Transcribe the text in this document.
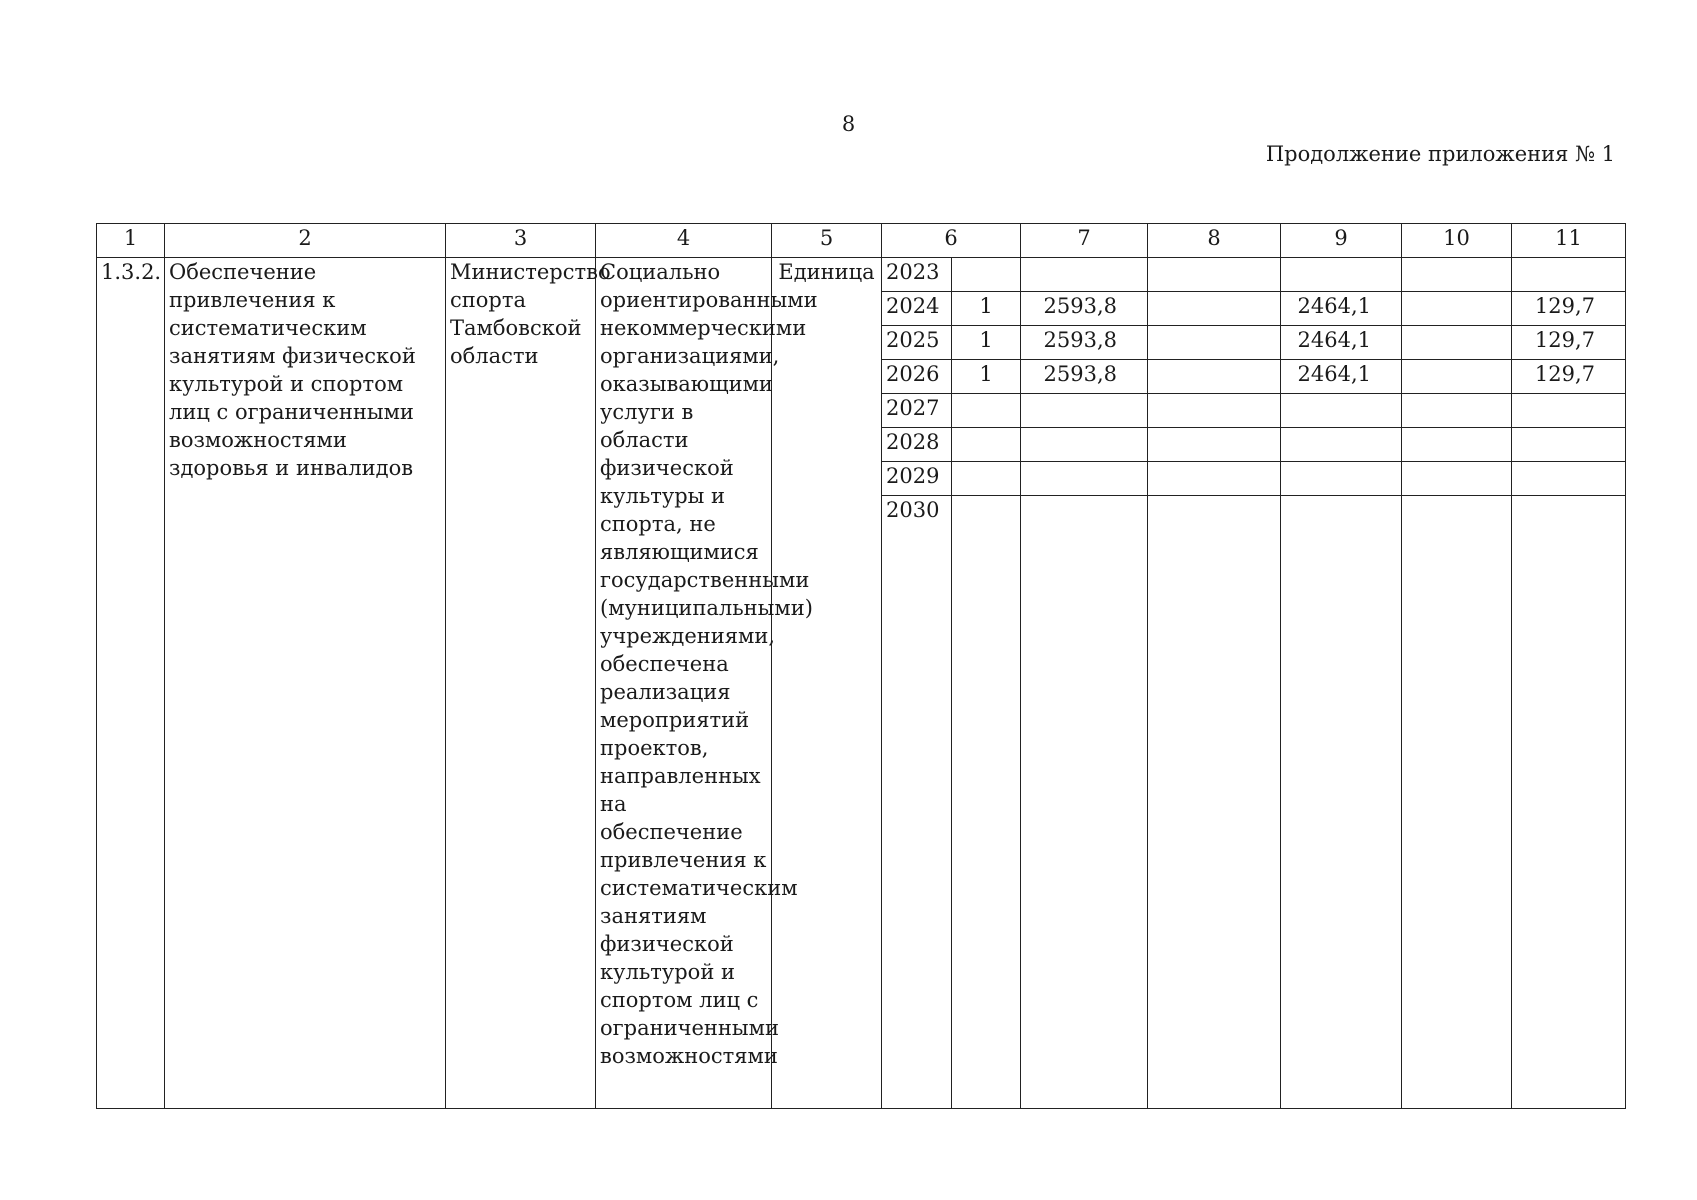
8
Продолжение приложения № 1
1	2	3	4	5	6		7	8	9	10	11
1.3.2.	Обеспечение привлечения к систематическим занятиям физической культурой и спортом лиц с ограниченными возможностями здоровья и инвалидов	Министерство спорта Тамбовской области	Социально ориентированными некоммерческими организациями, оказывающими услуги в области физической культуры и спорта, не являющимися государственными (муниципальными) учреждениями, обеспечена реализация мероприятий проектов, направленных на обеспечение привлечения к систематическим занятиям физической культурой и спортом лиц с ограниченными возможностями	Единица	2023						
					2024	1	2593,8		2464,1		129,7
					2025	1	2593,8		2464,1		129,7
					2026	1	2593,8		2464,1		129,7
					2027						
					2028						
					2029						
					2030						
